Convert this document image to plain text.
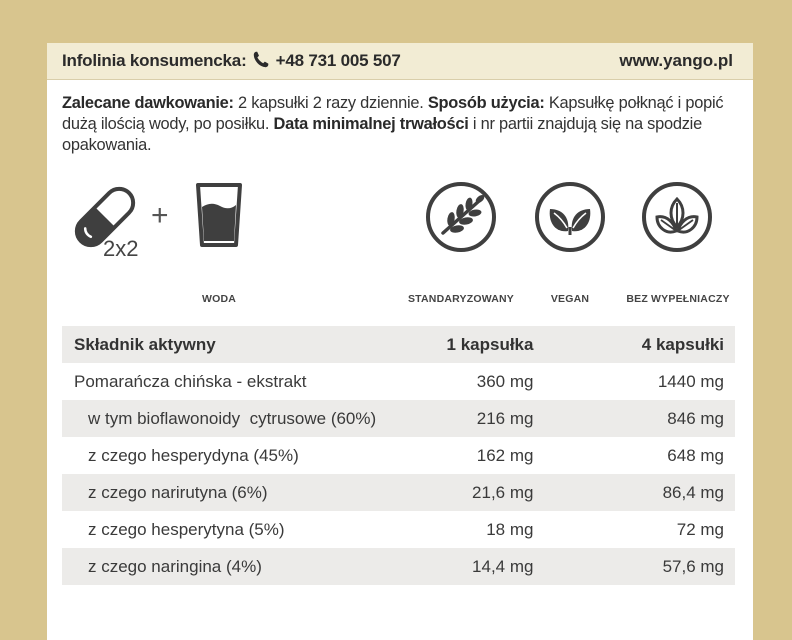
Infolinia konsumencka: +48 731 005 507	www.yango.pl
Zalecane dawkowanie: 2 kapsułki 2 razy dziennie. Sposób użycia: Kapsułkę połknąć i popić dużą ilością wody, po posiłku. Data minimalnej trwałości i nr partii znajdują się na spodzie opakowania.
2x2
+
WODA	STANDARYZOWANY	VEGAN	BEZ WYPEŁNIACZY
Składnik aktywny	1 kapsułka	4 kapsułki
Pomarańcza chińska - ekstrakt	360 mg	1440 mg
w tym bioflawonoidy  cytrusowe (60%)	216 mg	846 mg
z czego hesperydyna (45%)	162 mg	648 mg
z czego narirutyna (6%)	21,6 mg	86,4 mg
z czego hesperytyna (5%)	18 mg	72 mg
z czego naringina (4%)	14,4 mg	57,6 mg
